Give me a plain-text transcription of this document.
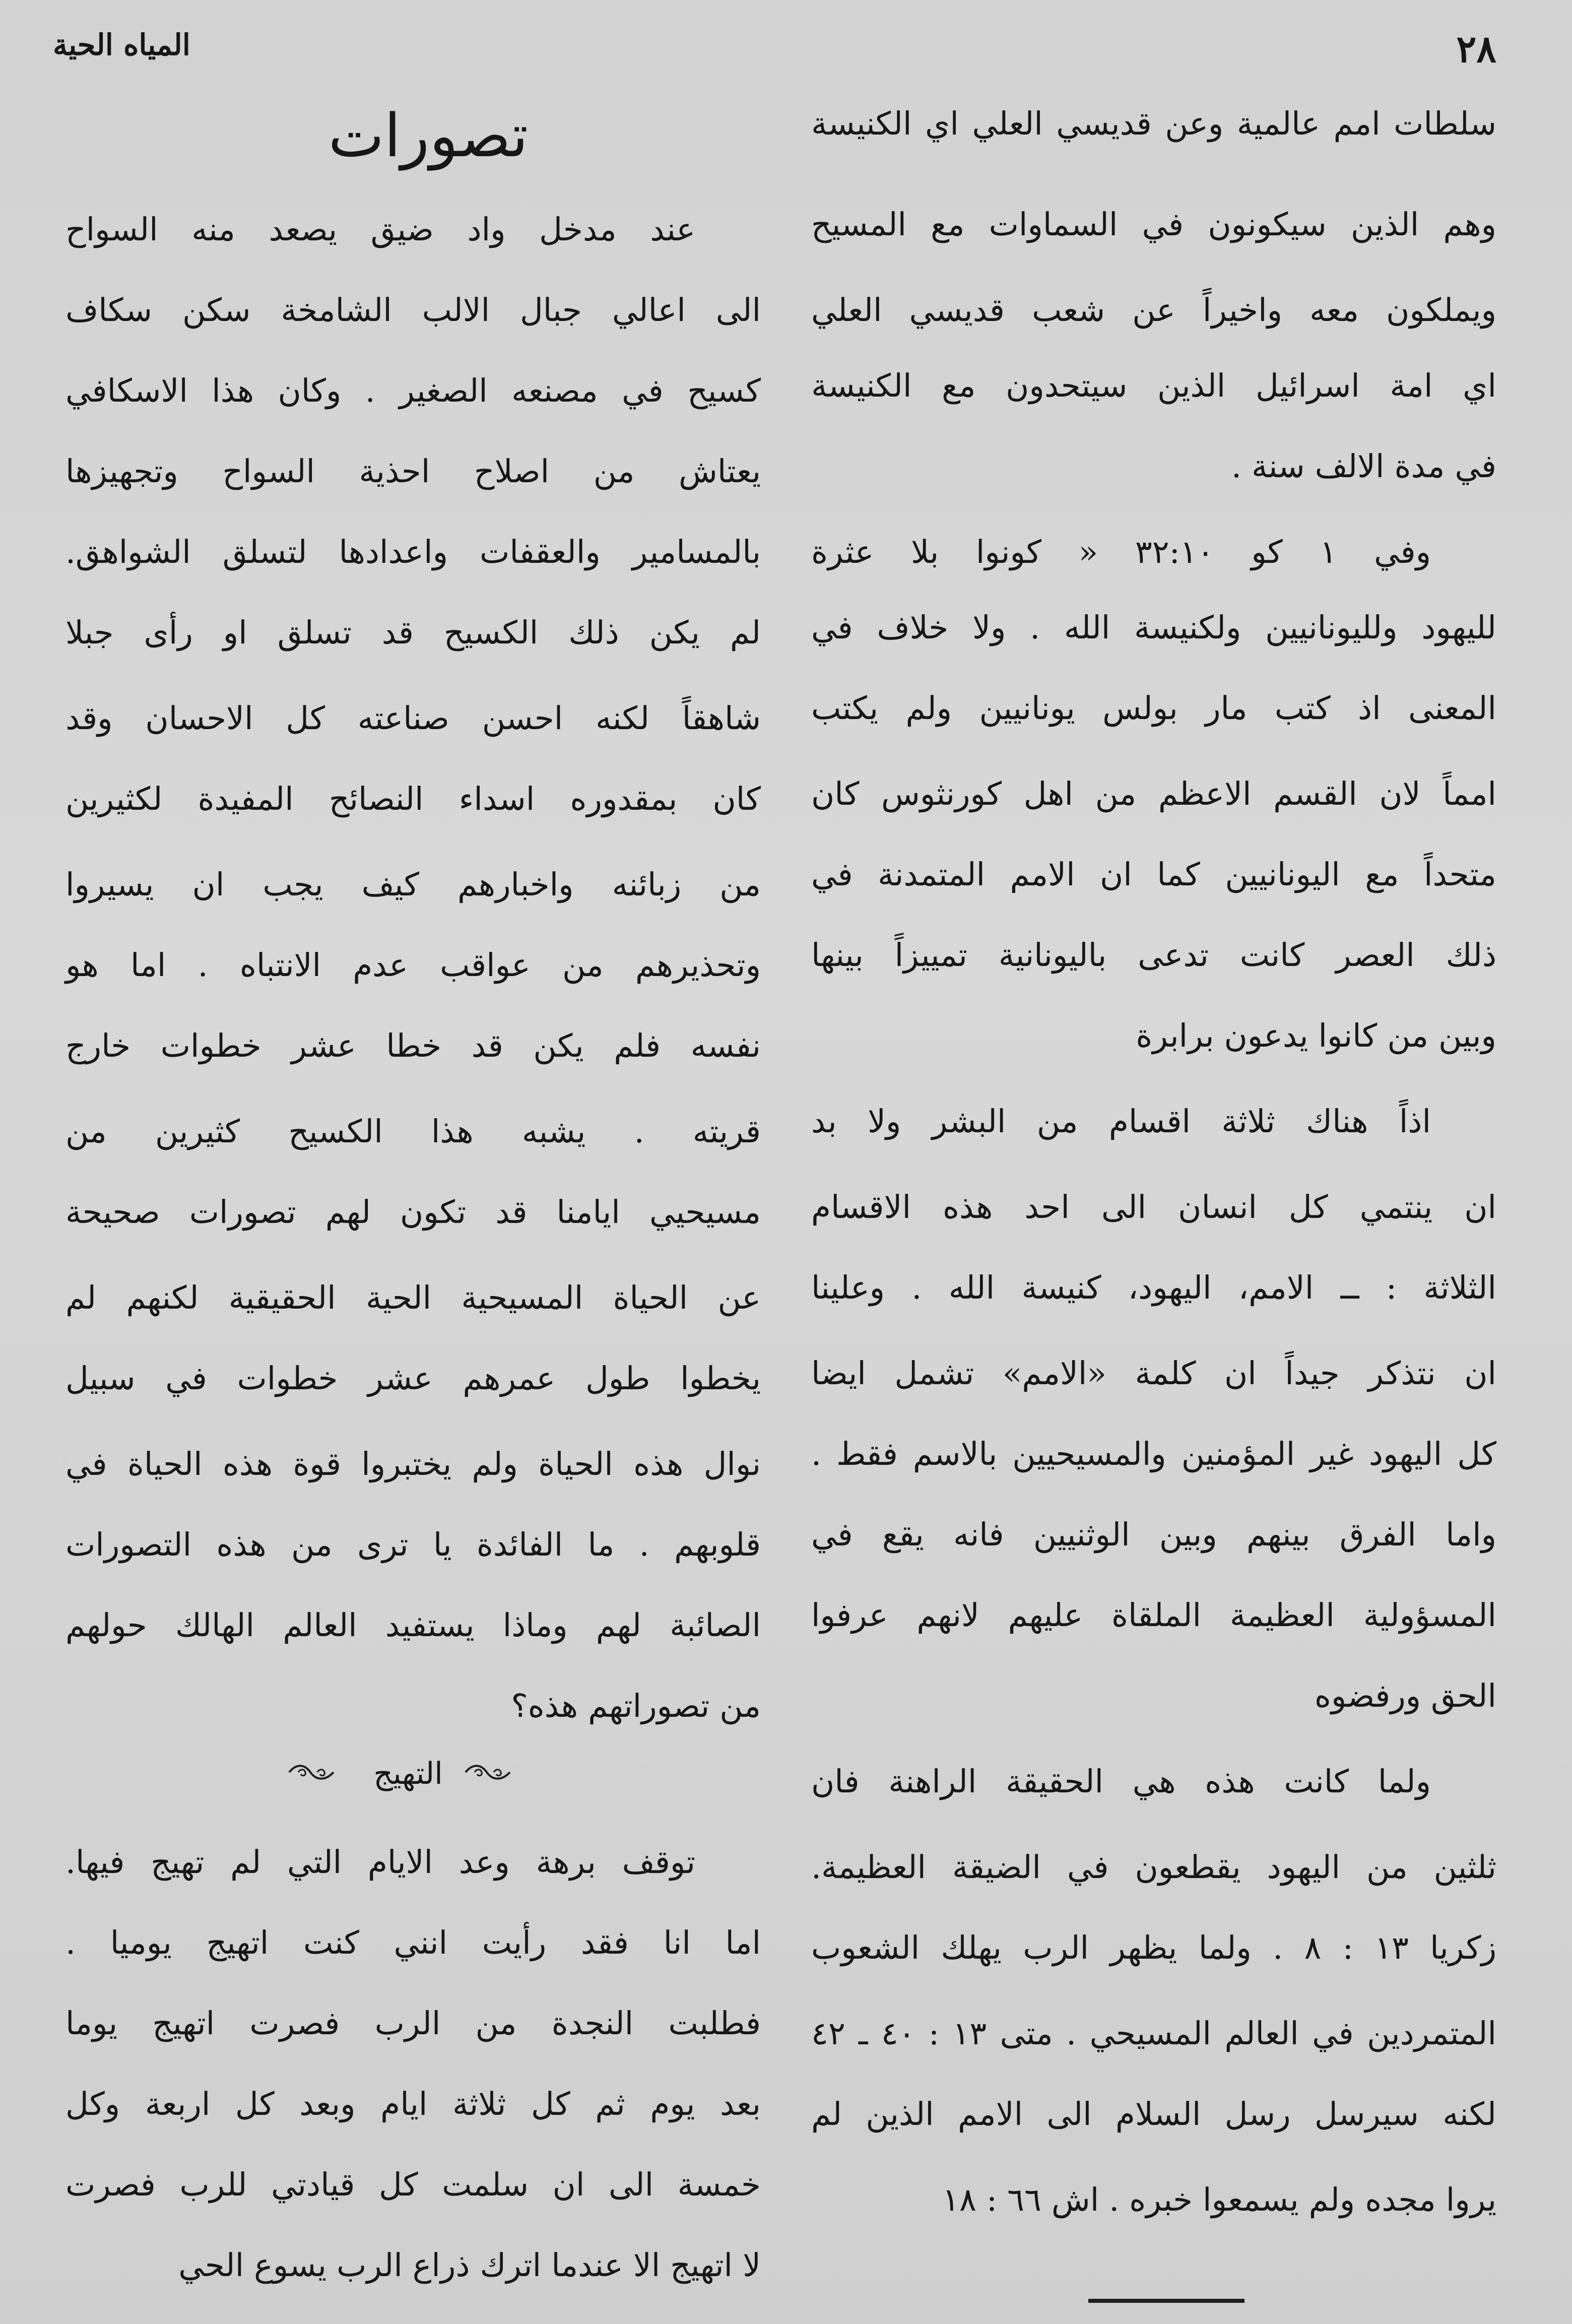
٢٨
المياه الحية
سلطات امم عالمية وعن قديسي العلي اي الكنيسة
وهم الذين سيكونون في السماوات مع المسيح
ويملكون معه واخيراً عن شعب قديسي العلي
اي امة اسرائيل الذين سيتحدون مع الكنيسة
في مدة الالف سنة .
وفي ١ كو ٣٢:١٠ « كونوا بلا عثرة
لليهود ولليونانيين ولكنيسة الله . ولا خلاف في
المعنى اذ كتب مار بولس يونانيين ولم يكتب
امماً لان القسم الاعظم من اهل كورنثوس كان
متحداً مع اليونانيين كما ان الامم المتمدنة في
ذلك العصر كانت تدعى باليونانية تمييزاً بينها
وبين من كانوا يدعون برابرة
اذاً هناك ثلاثة اقسام من البشر ولا بد
ان ينتمي كل انسان الى احد هذه الاقسام
الثلاثة : ــ الامم، اليهود، كنيسة الله . وعلينا
ان نتذكر جيداً ان كلمة «الامم» تشمل ايضا
كل اليهود غير المؤمنين والمسيحيين بالاسم فقط .
واما الفرق بينهم وبين الوثنيين فانه يقع في
المسؤولية العظيمة الملقاة عليهم لانهم عرفوا
الحق ورفضوه
ولما كانت هذه هي الحقيقة الراهنة فان
ثلثين من اليهود يقطعون في الضيقة العظيمة.
زكريا ١٣ : ٨ . ولما يظهر الرب يهلك الشعوب
المتمردين في العالم المسيحي . متى ١٣ : ٤٠ ـ ٤٢
لكنه سيرسل رسل السلام الى الامم الذين لم
يروا مجده ولم يسمعوا خبره . اش ٦٦ : ١٨
تصورات
عند مدخل واد ضيق يصعد منه السواح
الى اعالي جبال الالب الشامخة سكن سكاف
كسيح في مصنعه الصغير . وكان هذا الاسكافي
يعتاش من اصلاح احذية السواح وتجهيزها
بالمسامير والعقفات واعدادها لتسلق الشواهق.
لم يكن ذلك الكسيح قد تسلق او رأى جبلا
شاهقاً لكنه احسن صناعته كل الاحسان وقد
كان بمقدوره اسداء النصائح المفيدة لكثيرين
من زبائنه واخبارهم كيف يجب ان يسيروا
وتحذيرهم من عواقب عدم الانتباه . اما هو
نفسه فلم يكن قد خطا عشر خطوات خارج
قريته . يشبه هذا الكسيح كثيرين من
مسيحيي ايامنا قد تكون لهم تصورات صحيحة
عن الحياة المسيحية الحية الحقيقية لكنهم لم
يخطوا طول عمرهم عشر خطوات في سبيل
نوال هذه الحياة ولم يختبروا قوة هذه الحياة في
قلوبهم . ما الفائدة يا ترى من هذه التصورات
الصائبة لهم وماذا يستفيد العالم الهالك حولهم
من تصوراتهم هذه؟
توقف برهة وعد الايام التي لم تهيج فيها.
اما انا فقد رأيت انني كنت اتهيج يوميا .
فطلبت النجدة من الرب فصرت اتهيج يوما
بعد يوم ثم كل ثلاثة ايام وبعد كل اربعة وكل
خمسة الى ان سلمت كل قيادتي للرب فصرت
لا اتهيج الا عندما اترك ذراع الرب يسوع الحي
التهيج
